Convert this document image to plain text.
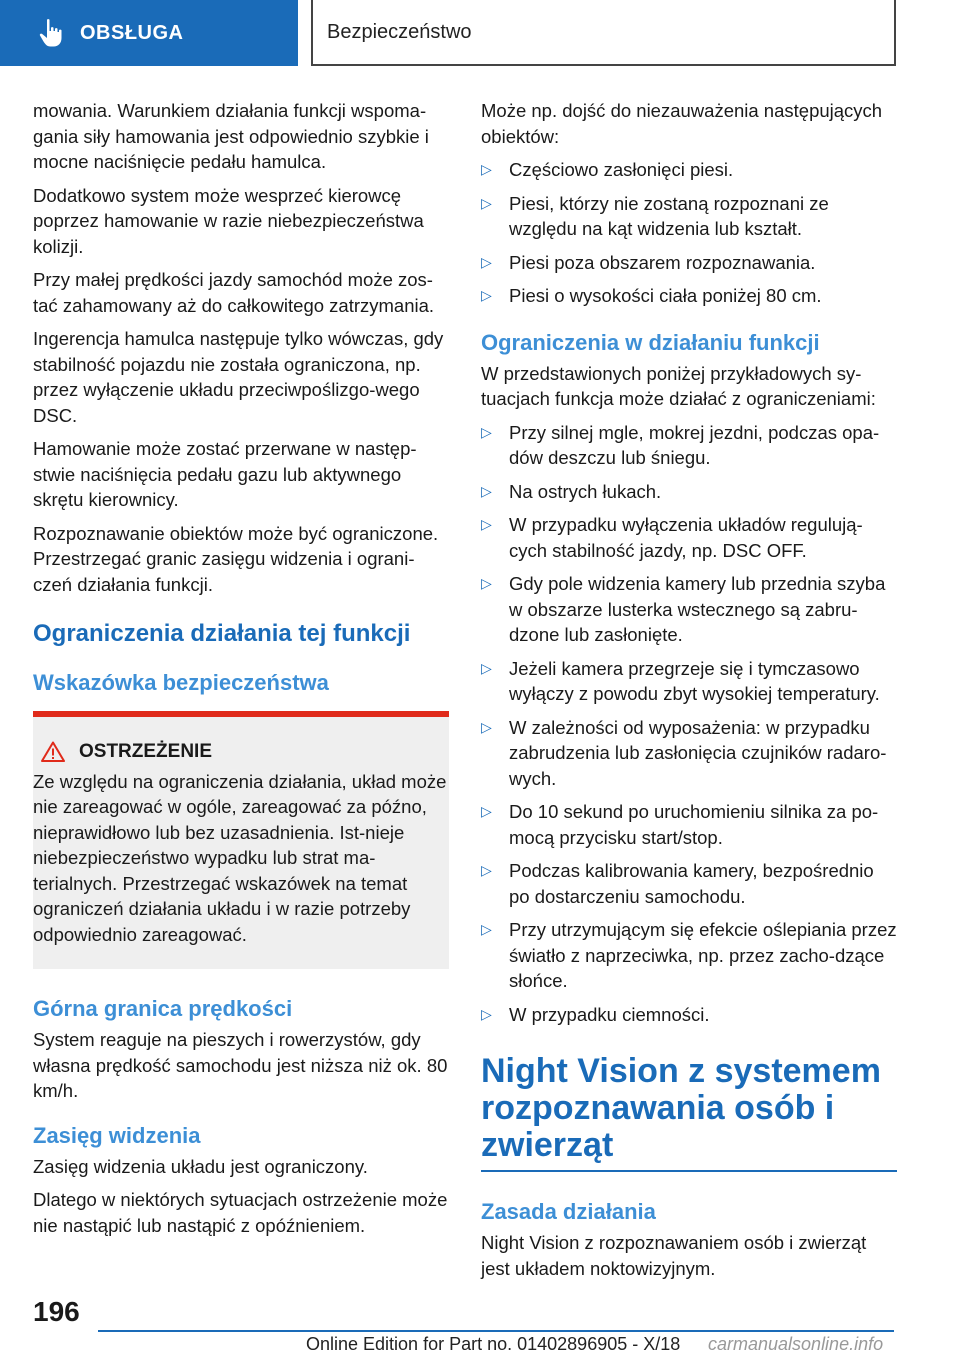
OBSŁUGA	Bezpieczeństwo

mowania. Warunkiem działania funkcji wspoma-gania siły hamowania jest odpowiednio szybkie i mocne naciśnięcie pedału hamulca.

Dodatkowo system może wesprzeć kierowcę poprzez hamowanie w razie niebezpieczeństwa kolizji.

Przy małej prędkości jazdy samochód może zos-tać zahamowany aż do całkowitego zatrzymania.

Ingerencja hamulca następuje tylko wówczas, gdy stabilność pojazdu nie została ograniczona, np. przez wyłączenie układu przeciwpoślizgo-wego DSC.

Hamowanie może zostać przerwane w następ-stwie naciśnięcia pedału gazu lub aktywnego skrętu kierownicy.

Rozpoznawanie obiektów może być ograniczone. Przestrzegać granic zasięgu widzenia i ograni-czeń działania funkcji.

Ograniczenia działania tej funkcji
Wskazówka bezpieczeństwa
OSTRZEŻENIE
Ze względu na ograniczenia działania, układ może nie zareagować w ogóle, zareagować za późno, nieprawidłowo lub bez uzasadnienia. Ist-nieje niebezpieczeństwo wypadku lub strat ma-terialnych. Przestrzegać wskazówek na temat ograniczeń działania układu i w razie potrzeby odpowiednio zareagować.
Górna granica prędkości

System reaguje na pieszych i rowerzystów, gdy własna prędkość samochodu jest niższa niż ok. 80 km/h.

Zasięg widzenia

Zasięg widzenia układu jest ograniczony.

Dlatego w niektórych sytuacjach ostrzeżenie może nie nastąpić lub nastąpić z opóźnieniem.

Może np. dojść do niezauważenia następujących obiektów:

▷ Częściowo zasłonięci piesi.
▷ Piesi, którzy nie zostaną rozpoznani ze względu na kąt widzenia lub kształt.
▷ Piesi poza obszarem rozpoznawania.
▷ Piesi o wysokości ciała poniżej 80 cm.
Ograniczenia w działaniu funkcji

W przedstawionych poniżej przykładowych sy-tuacjach funkcja może działać z ograniczeniami:

▷ Przy silnej mgle, mokrej jezdni, podczas opa-dów deszczu lub śniegu.
▷ Na ostrych łukach.
▷ W przypadku wyłączenia układów regulują-cych stabilność jazdy, np. DSC OFF.
▷ Gdy pole widzenia kamery lub przednia szyba w obszarze lusterka wstecznego są zabru-dzone lub zasłonięte.
▷ Jeżeli kamera przegrzeje się i tymczasowo wyłączy z powodu zbyt wysokiej temperatury.
▷ W zależności od wyposażenia: w przypadku zabrudzenia lub zasłonięcia czujników radaro-wych.
▷ Do 10 sekund po uruchomieniu silnika za po-mocą przycisku start/stop.
▷ Podczas kalibrowania kamery, bezpośrednio po dostarczeniu samochodu.
▷ Przy utrzymującym się efekcie oślepiania przez światło z naprzeciwka, np. przez zacho-dzące słońce.
▷ W przypadku ciemności.
Night Vision z systemem rozpoznawania osób i zwierząt
Zasada działania

Night Vision z rozpoznawaniem osób i zwierząt jest układem noktowizyjnym.

196
Online Edition for Part no. 01402896905 - X/18 carmanualsonline.info
